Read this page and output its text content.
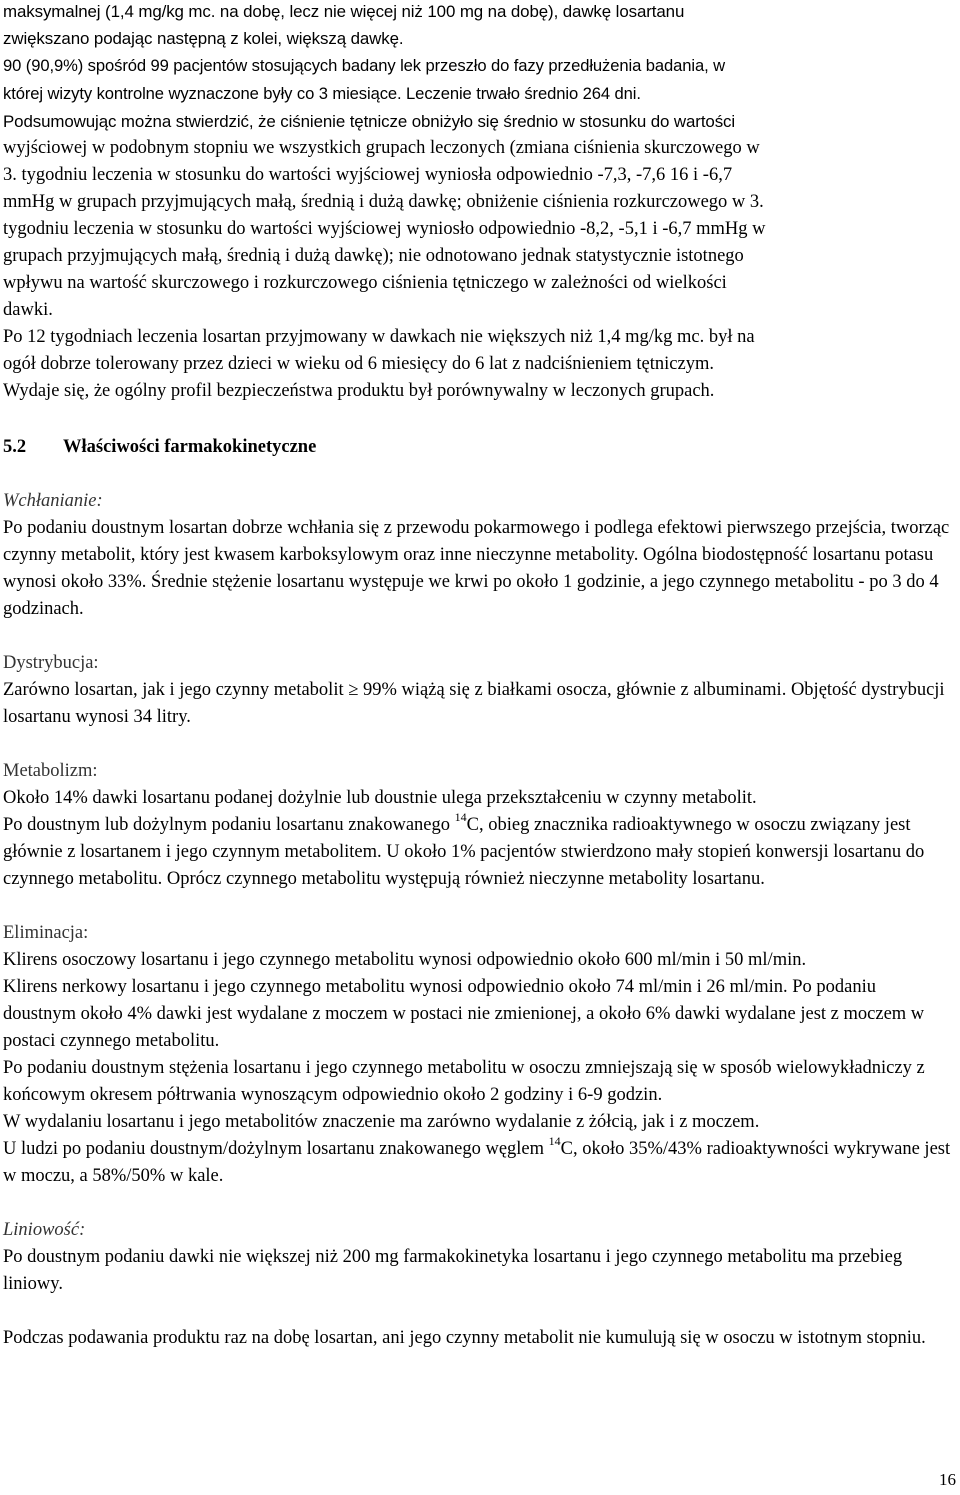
maksymalnej (1,4 mg/kg mc. na dobę, lecz nie więcej niż 100 mg na dobę), dawkę losartanu

zwiększano podając następną z kolei, większą dawkę.

90 (90,9%) spośród 99 pacjentów stosujących badany lek przeszło do fazy przedłużenia badania, w

której wizyty kontrolne wyznaczone były co 3 miesiące. Leczenie trwało średnio 264 dni.

Podsumowując można stwierdzić, że ciśnienie tętnicze obniżyło się średnio w stosunku do wartości

wyjściowej w podobnym stopniu we wszystkich grupach leczonych (zmiana ciśnienia skurczowego w

3. tygodniu leczenia w stosunku do wartości wyjściowej wyniosła odpowiednio -7,3, -7,6 16 i -6,7

mmHg w grupach przyjmujących małą, średnią i dużą dawkę; obniżenie ciśnienia rozkurczowego w 3.

tygodniu leczenia w stosunku do wartości wyjściowej wyniosło odpowiednio -8,2, -5,1 i -6,7 mmHg w

grupach przyjmujących małą, średnią i dużą dawkę); nie odnotowano jednak statystycznie istotnego

wpływu na wartość skurczowego i rozkurczowego ciśnienia tętniczego w zależności od wielkości

dawki.

Po 12 tygodniach leczenia losartan przyjmowany w dawkach nie większych niż 1,4 mg/kg mc. był na

ogół dobrze tolerowany przez dzieci w wieku od 6 miesięcy do 6 lat z nadciśnieniem tętniczym.

Wydaje się, że ogólny profil bezpieczeństwa produktu był porównywalny w leczonych grupach.

5.2	Właściwości farmakokinetyczne

Wchłanianie:

Po podaniu doustnym losartan dobrze wchłania się z przewodu pokarmowego i podlega efektowi pierwszego przejścia, tworząc czynny metabolit, który jest kwasem karboksylowym oraz inne nieczynne metabolity. Ogólna biodostępność losartanu potasu wynosi około 33%. Średnie stężenie losartanu występuje we krwi po około 1 godzinie, a jego czynnego metabolitu - po 3 do 4 godzinach.

Dystrybucja:

Zarówno losartan, jak i jego czynny metabolit ≥ 99% wiążą się z białkami osocza, głównie z albuminami. Objętość dystrybucji losartanu wynosi 34 litry.

Metabolizm:

Około 14% dawki losartanu podanej dożylnie lub doustnie ulega przekształceniu w czynny metabolit.

Po doustnym lub dożylnym podaniu losartanu znakowanego $^{14}$C, obieg znacznika radioaktywnego w osoczu związany jest głównie z losartanem i jego czynnym metabolitem. U około 1% pacjentów stwierdzono mały stopień konwersji losartanu do czynnego metabolitu. Oprócz czynnego metabolitu występują również nieczynne metabolity losartanu.

Eliminacja:

Klirens osoczowy losartanu i jego czynnego metabolitu wynosi odpowiednio około 600 ml/min i 50 ml/min.

Klirens nerkowy losartanu i jego czynnego metabolitu wynosi odpowiednio około 74 ml/min i 26 ml/min. Po podaniu doustnym około 4% dawki jest wydalane z moczem w postaci nie zmienionej, a około 6% dawki wydalane jest z moczem w postaci czynnego metabolitu.

Po podaniu doustnym stężenia losartanu i jego czynnego metabolitu w osoczu zmniejszają się w sposób wielowykładniczy z końcowym okresem półtrwania wynoszącym odpowiednio około 2 godziny i 6-9 godzin.

W wydalaniu losartanu i jego metabolitów znaczenie ma zarówno wydalanie z żółcią, jak i z moczem.

U ludzi po podaniu doustnym/dożylnym losartanu znakowanego węglem $^{14}$C, około 35%/43% radioaktywności wykrywane jest w moczu, a 58%/50% w kale.

Liniowość:

Po doustnym podaniu dawki nie większej niż 200 mg farmakokinetyka losartanu i jego czynnego metabolitu ma przebieg liniowy.

Podczas podawania produktu raz na dobę losartan, ani jego czynny metabolit nie kumulują się w osoczu w istotnym stopniu.

16
